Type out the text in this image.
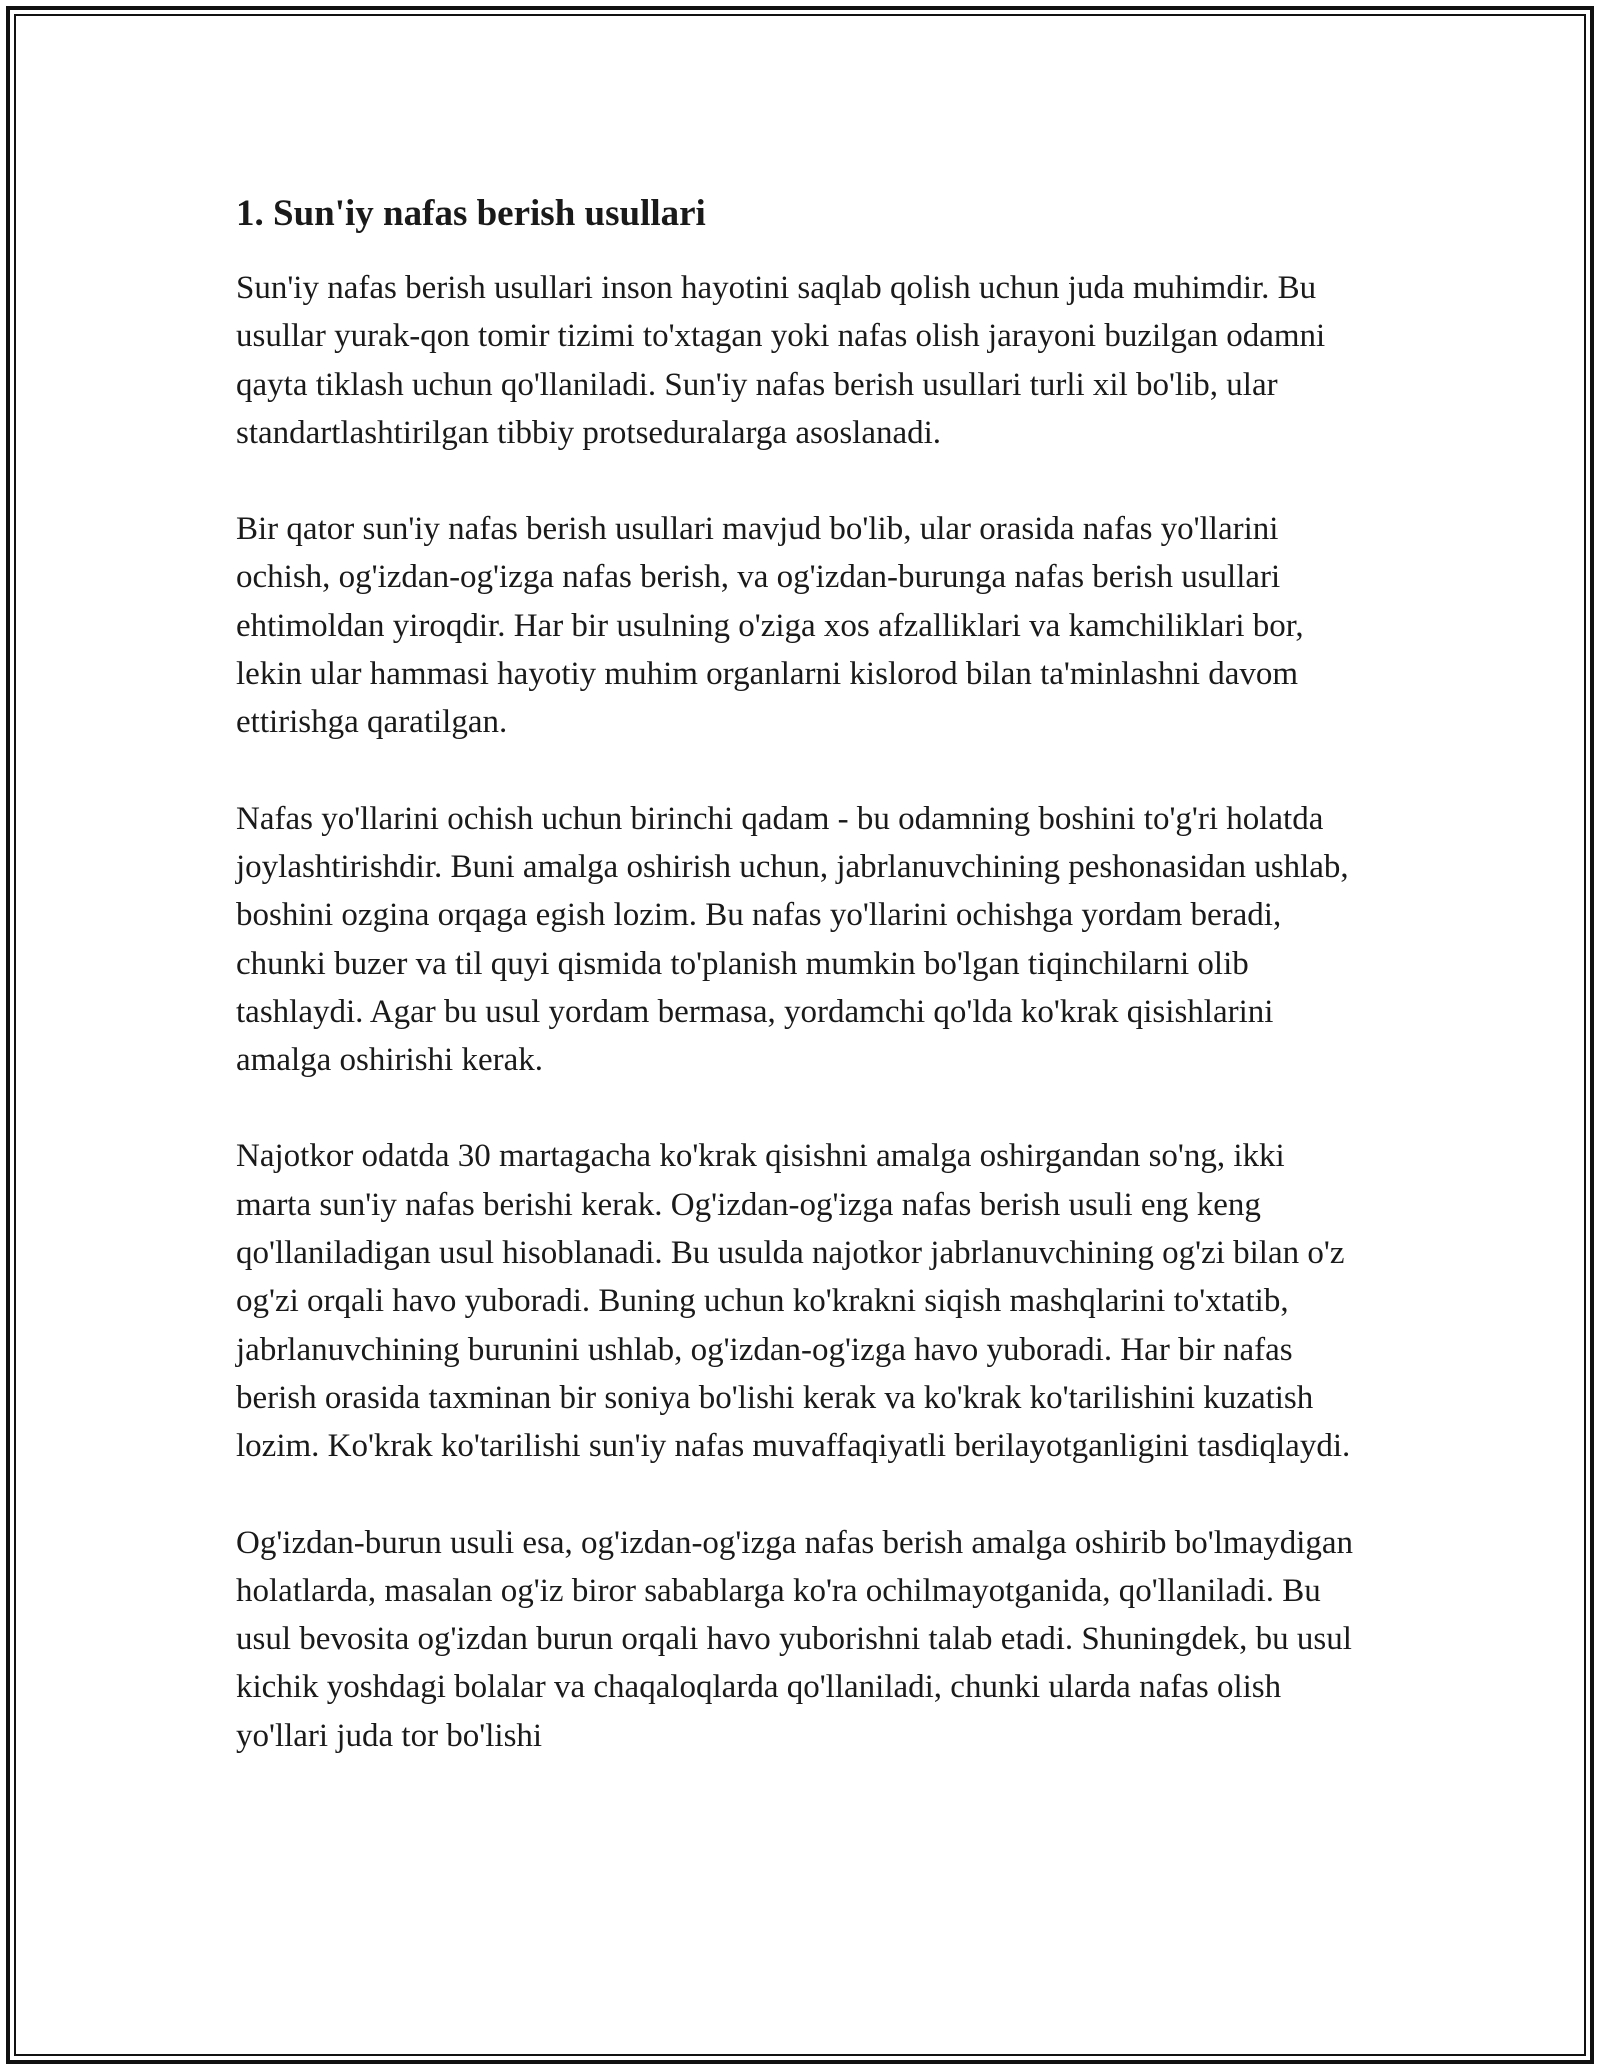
1. Sun'iy nafas berish usullari

Sun'iy nafas berish usullari inson hayotini saqlab qolish uchun juda muhimdir. Bu usullar yurak-qon tomir tizimi to'xtagan yoki nafas olish jarayoni buzilgan odamni qayta tiklash uchun qo'llaniladi. Sun'iy nafas berish usullari turli xil bo'lib, ular standartlashtirilgan tibbiy protseduralarga asoslanadi.

Bir qator sun'iy nafas berish usullari mavjud bo'lib, ular orasida nafas yo'llarini ochish, og'izdan-og'izga nafas berish, va og'izdan-burunga nafas berish usullari ehtimoldan yiroqdir. Har bir usulning o'ziga xos afzalliklari va kamchiliklari bor, lekin ular hammasi hayotiy muhim organlarni kislorod bilan ta'minlashni davom ettirishga qaratilgan.

Nafas yo'llarini ochish uchun birinchi qadam - bu odamning boshini to'g'ri holatda joylashtirishdir. Buni amalga oshirish uchun, jabrlanuvchining peshonasidan ushlab, boshini ozgina orqaga egish lozim. Bu nafas yo'llarini ochishga yordam beradi, chunki buzer va til quyi qismida to'planish mumkin bo'lgan tiqinchilarni olib tashlaydi. Agar bu usul yordam bermasa, yordamchi qo'lda ko'krak qisishlarini amalga oshirishi kerak.

Najotkor odatda 30 martagacha ko'krak qisishni amalga oshirgandan so'ng, ikki marta sun'iy nafas berishi kerak. Og'izdan-og'izga nafas berish usuli eng keng qo'llaniladigan usul hisoblanadi. Bu usulda najotkor jabrlanuvchining og'zi bilan o'z og'zi orqali havo yuboradi. Buning uchun ko'krakni siqish mashqlarini to'xtatib, jabrlanuvchining burunini ushlab, og'izdan-og'izga havo yuboradi. Har bir nafas berish orasida taxminan bir soniya bo'lishi kerak va ko'krak ko'tarilishini kuzatish lozim. Ko'krak ko'tarilishi sun'iy nafas muvaffaqiyatli berilayotganligini tasdiqlaydi.

Og'izdan-burun usuli esa, og'izdan-og'izga nafas berish amalga oshirib bo'lmaydigan holatlarda, masalan og'iz biror sabablarga ko'ra ochilmayotganida, qo'llaniladi. Bu usul bevosita og'izdan burun orqali havo yuborishni talab etadi. Shuningdek, bu usul kichik yoshdagi bolalar va chaqaloqlarda qo'llaniladi, chunki ularda nafas olish yo'llari juda tor bo'lishi
